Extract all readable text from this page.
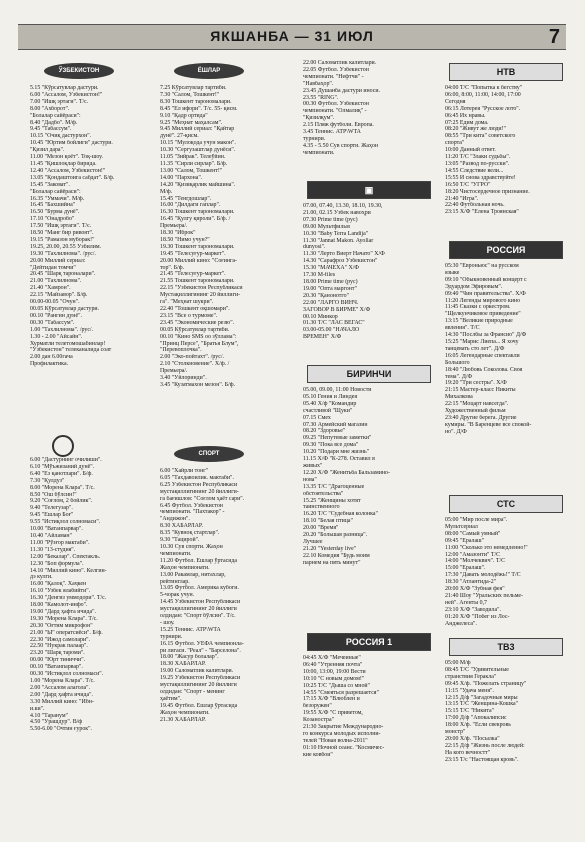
ЯКШАНБА — 31 ИЮЛ	7
ЎЗБЕКИСТОН

5.15 "Кўрсатувлар дастури.

6.00 "Ассалом, Ўзбекистон!"

7.00 "Ишқ эртаги". Т/с.

8.00 "Ахборот".

"Болалар сайёраси":

8.40 "Дадбо". М/ф.

9.45 "Табассум".

10.15 "Очиқ дастурхон".

10.45 "Юртим бойлиги" дастури.

"Қизил дара".

11.00 "Мезон қоёт". Тоқ-шоу.

11.45 "Қишлоқлар бирида.

12.40 "Ассалом, Ўзбекистон!"

13.05 "Қондаштоига сабдат". Б/ф.

15.45 "Заковат".

"Болалар сайёраси":

16.35 "Уммачи". М/ф.

16.45 "Бахшийна"

16.50 "Бурма дунё".

17.10 "Онадробо"

17.50 "Ишқ эртаги". Т/с.

18.50 "Манг бир ривоят".

19.15 "Рамазон муборак!"

19.25, 20.00, 20.55 Ўзбилим.

19.30 "Тахлилнома". /рус/.

20.00 Миллий сериал:

"Дейтидан томчи"

20.45 "Шарқ тароналари".

21.00 "Тахлилнома".

21.40 "Хамрон".

22.15 "Майзавор". Б/ф.

00.00-00.05 "Очун".

00.05 Кўрсатувлар дастури.

00.10 "Рангин дунё".

00.30 "Табассум".

1.00 "Тахлилнома". /рус/.

1.30 - 2.00 "Айсайн".

Хурматли телетомошабинлар!

"Ўзбекистон" телеканалида соат

2.00 дан 6.00гача

Профилактика.

6.00 "Дастурнинг очилиши".

6.10 "Мўъжизаний дунё".

6.40 "Ёз қанотлари". Б/ф.

7.30 "Қулдуз"

8.00 "Морена Клара". Т/с.

8.50 "Ош бўлсин!"

9.20 "Соғлом, 2 бойлик".

9.40 "Телегузар".

9.45 "Ёшлар Боғ"

9.55 "Истиқлол солномаси".

10.00 "Ватанпарвар".

10.40 "Айламан"

11.00 "Рўзғор мактаби".

11.30 "13-студия".

12.00 "Бекалар". Спектакль.

12.30 "Боп формула".

14.10 "Миллий кино". Келгин-

дэ кулги.

16.00 "Қалоқ". Хаҷкен

16.10 "Узбек ялабийти".

16.30 "Денгиз уммодори". Т/с.

18.00 "Камолот-инфо".

19.00 "Дард ҳафта ичида".

19.30 "Морена Клара". Т/с.

20.30 "Оғтим микрофон"

21.00 "Ы" оператсиёси". Б/ф.

22.30 "Ижод самолари".

22.50 "Нукрак палаар".

23.20 "Шарқ тароми".

00.00 "Юрт тиниччи".

00.10 "Ватанпарвар".

00.30 "Истиқлол солномаси".

1.00 "Морена Клара". Т/с.

2.00 "Ассалом алагола".

2.00 "Дард ҳафта ичида".

3.30 Миллий кино: "Ибн-

и.ки".

4.10 "Таранум"

4.50 "Ўрашдур". В/ф

5.50-6.00 "Очтин ғурок".

ЁШЛАР

7.25 Кўрсатувлар тартиби.

7.30 "Салом, Тошкент!"

8.30 Тошкент тарономалари.

8.45 "Ел ифори". Т/с. 55- қисм.

9.10 "Қадр ортида"

9.25 "Меҳнат маҳалсам".

9.45 Миллий сериал: "Қайтар

дунё". 27-қисм.

10.15 "Мулоқода учун макон".

10.30 "Сергузаштлар дунёси".

11.05 "Зийрак". Телеўйин.

11.35 "Сирли сирлар". Б/ф.

13.00 "Салом, Тошкент!"

14.00 "Пархона".

14.20 "Қизиқарлик майшина".

М/ф.

15.45 "Тенгдошлар".

16.00 "Дилдаги гаплар".

16.30 Тошкент тарономалари.

16.45 "Қулгу қироли". Б/ф. /

Премьера/.

18.30 "Иброк"

18.50 "Нимо учун?"

19.30 Тошкент тарономалари.

19.45 "Телесуғур-маркет".

20.00 Миллий кино: "Соғинга-

тор". Б/ф.

21.45 "Телесуғур-маркет".

21.55 Тошкент тарономалари.

22.15 "Ўзбекистон Республикаси

Мустақиллигининг 20 йиллиги-

га". "Меҳнат шукри".

22.40 "Тошкент оқшомари".

23.15 "Все о турмоме".

23.45 "Экономические резю".

00.05 Кўрсатувлар тартиби.

00.10 "Кино SMS оо зўллама":

"Принц Персе", "Братья Блум",

"Перевоплочка".

2.00 "Эко-пойтахт". /рус/.

2.10 "Столкновение". Х/ф. /

Премьера/.

3.40 "Ўйлоринди".

3.45 "Кузатмахон мезон". Б/ф.

СПОРТ

6.00 "Хайрли тонг"

6.05 "Тахдавоилик. мактаби".

6.25 Ўзбекистон Республикаси

мустақиллигининг 20 йиллиги-

га бағишлов: "Соғлом ҳаёт сари".

6.45 Футбол. Ўзбекистон

чемпионати. "Пахтакор" -

"Андижон".

8.30 ХАБАРЛАР.

8.35 "Кувноқ стартлар".

9.30 "Тацирой".

10.30 Сув спорти. Жаҳон

чемпионати.

11.20 Футбол. Ёшлар ўртасида

Жаҳон чемпионати.

13.00 Ракамлар, нитахлар,

рейтинглар.

13.05 Футбол. Америка кубоги.

5-чорак учун.

14.45 Ўзбекистон Республикаси

мустақиллигининг 20 йиллиги

олдидан: "Спорт бўлсин". Т/с.

- шоу.

15.25 Теннис. ATP\WTA

турнири.

16.15 Футбол. УЕФА чемпионла-

ри лигаси. "Реал" - "Барселона".

18.00 "Жасур болалар".

18.30 ХАБАРЛАР.

19.00 Саломатлик калитлари.

19.25 Ўзбекистон Республикаси

мустақиллигининг 20 йиллиги

олдидан: "Спорт - менинг

ҳаётим".

19.45 Футбол. Ёшлар ўртасида

Жаҳон чемпионати.

21.30 ХАБАРЛАР.

22.00 Саломатлик калитлари.

22.05 Футбол. Ўзбекистон

чемпионати. "Нефтчи" -

"Навбаҳор".

23.45 Душанба дастури иноси.

23.55 "RING".

00.30 Футбол. Ўзбекистон

чемпионати. "Олмалиқ" -

"Қизилқум".

2.15 Пляж футболи. Европа.

3.45 Теннис. ATP\WTA

турнири.

4.35 - 5.50 Сув спорти. Жаҳон

чемпионати.

▣

07.00, 07.40, 13.30, 18.10, 19.30,

21.00, 02.15 Ўзбек навоҳри

07.30 Prime time (рус)

09.00 Мультфильм

10.30 "Baby Terra Landija"

11.30 "Jannat Makon. Ayollar

dunyosi".

11.30 "Лерто Виерт Начато" Х/Ф

14.30 "Сарафроз Ўзбекистон"

15.30 "МАЧЕХА" Х/Ф

17.30 M-files

18.00 Prime time (рус)

19.00 "Опта маргонт"

20.30 "Қанонотго"

22.00 "ЛАРГО ВИНЧ.

ЗАГОВОР В БИРМЕ" Х/Ф

00.10 Минкор

01.30 Т/С "ЛАС ВЕГАС"

03.00-05.00 "НАЧАЛО

ВРЕМЕН" Х/Ф

БИРИНЧИ

05.00, 09.00, 11:00 Новости

05.10 Гения и Линдея

05.40 Х/ф "Командир

счастливой "Щуки"

07.15 Смех

07.30 Армейский магазин

08.20 "Здоровье"

09.25 "Непутевые заметки"

09.30 "Пока все дома"

10.20 "Подари мне жизнь"

11.15 Х/Ф "К-278. Оставил в

живых"

12.20 Х/Ф "Женитьба Бальзамино-

нова"

13.35 Т/С "Драгоценные

обстоятельства"

15.25 "Женщины хотят

таинственного

16.20 Т/С "Судебная колонка"

18.10 "Белая птица"

20.00 "Время"

20.20 "Большая разница".

Лучшее

21.20 "Yesterday live"

22.10 Комедия "Будь моим

парнем на пять минут"

РОССИЯ 1

04:45 Х/Ф "Мечеиные"

06:40 "Утренняя почта"

10:00, 13:00, 19:00 Вести

10:10 "С новым домом!"

10:25 Т/С "Дыша со мной"

14:55 "Смеяться разрешается"

17:15 Х/Ф "Влюблен и

безоружен"

19:55 Х/Ф "С приветом,

Козаностра"

21:30 Закрытие Международно-

го конкурса молодых исполни-

телей "Новая волна-2011"

01:10 Ночной сеанс. "Космичес-

кие ковбои"

НТВ

04:00 Т/С "Попытка к бегству"

06:00, 8:00, 11:00, 14:00, 17:00

Сегодня

06:15 Лотерея "Русское лото".

06:45 Их нравы.

07:25 Едим дома.

08:20 "Живут же люди!"

08:55 "Три кита" советского

спорта"

10:00 Данный ответ.

11:20 Т/С "Злаки судьбы".

13:05 "Развод по-русски".

14:55 Следствие вели...

15:55 И снова здравствуйте!

16:50 Т/С "УГРО"

18:20 Чистосердечное признание.

21:40 "Игра".

22:40 Футбольная ночь.

23:15 Х/Ф "Елена Троянская"

РОССИЯ

05:30 "Евроньюс" на русском

языке

09:10 "Обыкновенный концерт с

Эдуардом Эфировым".

09:40 "Чин правительства". Х/Ф

11:20 Легенды мирового кино

11:45 Сказки с оркестром.

"Щелкунчиковое приведение"

13:15 "Великие природные

явления". Т/С

14:30 "Послбы за Франсио" Д/Ф

15:25 "Марис Лиепа... Я хочу

танцевать сто лет". Д/Ф

16:05 Легендарные спектакли

Большого

18:40 "Любовь Соколова. Своя

тема". Д/Ф

19:20 "Три сестры". Х/Ф

21:15 Мастер-класс Никиты

Михалкова

22:15 "Моцарт навсегда".

Художественный фильм

23:40 Другие берега. Другие

кумиры. "В Баренцеве все спокой-

но". Д/Ф

СТС

05:00 "Мир после мира".

Мультсериал

08:00 "Самый умный"

09:45 "Ералаш"

11:00 "Сколько это немедленно!"

12:00 "Амазонти" Т/С

14:00 "Молчеквич". Т/С

15:00 "Ералаш".

17:30 "Давать молодёжь!" Т/С

18:30 "Атлантида-2"

20:00 Х/Ф "Зубная фея"

21:40 Шоу "Уральских пельме-

ней". Агенты 0,7

23:10 Х/Ф "Заводила".

01:20 Х/Ф "Побег из Лос-

Анджелеса".

ТВ3

05:00 М/ф

08:45 Т/С "Удивительные

странствия Геракла"

09:45 Х/ф. "Пожелать страницу"

11:15 "Удача меня".

12:15 Д/ф "Загадочные миры

13:15 Т/С "Женщина-Кошка"

15:15 Т/С "Никита"

17:00 Д/ф "Апокалипсис

18:00 Х/ф. "Если свекровь

монстр"

20:00 Х/ф. "Посылка"

22:15 Д/ф "Жизнь после людей:

На кого вечностт"

23:15 Т/с "Настоящая кровь".
